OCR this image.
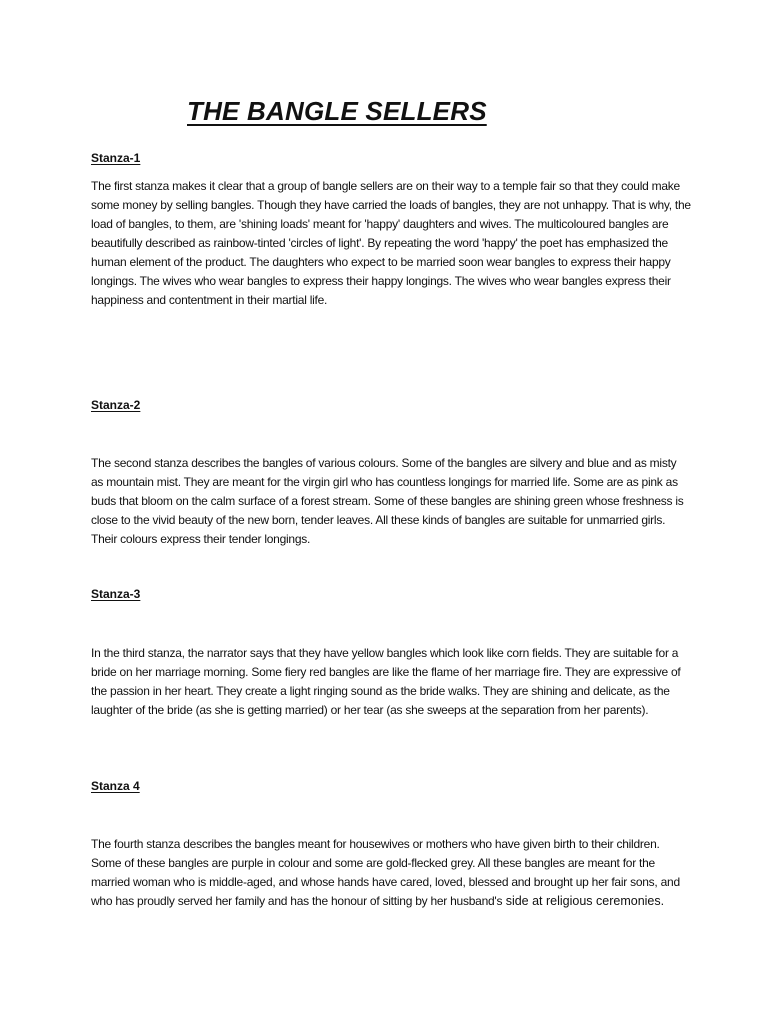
THE BANGLE SELLERS
Stanza-1

The first stanza makes it clear that a group of bangle sellers are on their way to a temple fair so that they could make some money by selling bangles. Though they have carried the loads of bangles, they are not unhappy. That is why, the load of bangles, to them, are 'shining loads' meant for 'happy' daughters and wives. The multicoloured bangles are beautifully described as rainbow-tinted 'circles of light'. By repeating the word 'happy' the poet has emphasized the human element of the product. The daughters who expect to be married soon wear bangles to express their happy longings. The wives who wear bangles to express their happy longings. The wives who wear bangles express their happiness and contentment in their martial life.

Stanza-2

The second stanza describes the bangles of various colours. Some of the bangles are silvery and blue and as misty as mountain mist. They are meant for the virgin girl who has countless longings for married life. Some are as pink as buds that bloom on the calm surface of a forest stream. Some of these bangles are shining green whose freshness is close to the vivid beauty of the new born, tender leaves. All these kinds of bangles are suitable for unmarried girls. Their colours express their tender longings.

Stanza-3

In the third stanza, the narrator says that they have yellow bangles which look like corn fields. They are suitable for a bride on her marriage morning. Some fiery red bangles are like the flame of her marriage fire. They are expressive of the passion in her heart. They create a light ringing sound as the bride walks. They are shining and delicate, as the laughter of the bride (as she is getting married) or her tear (as she sweeps at the separation from her parents).

Stanza 4

The fourth stanza describes the bangles meant for housewives or mothers who have given birth to their children. Some of these bangles are purple in colour and some are gold-flecked grey. All these bangles are meant for the married woman who is middle-aged, and whose hands have cared, loved, blessed and brought up her fair sons, and who has proudly served her family and has the honour of sitting by her husband's side at religious ceremonies.
